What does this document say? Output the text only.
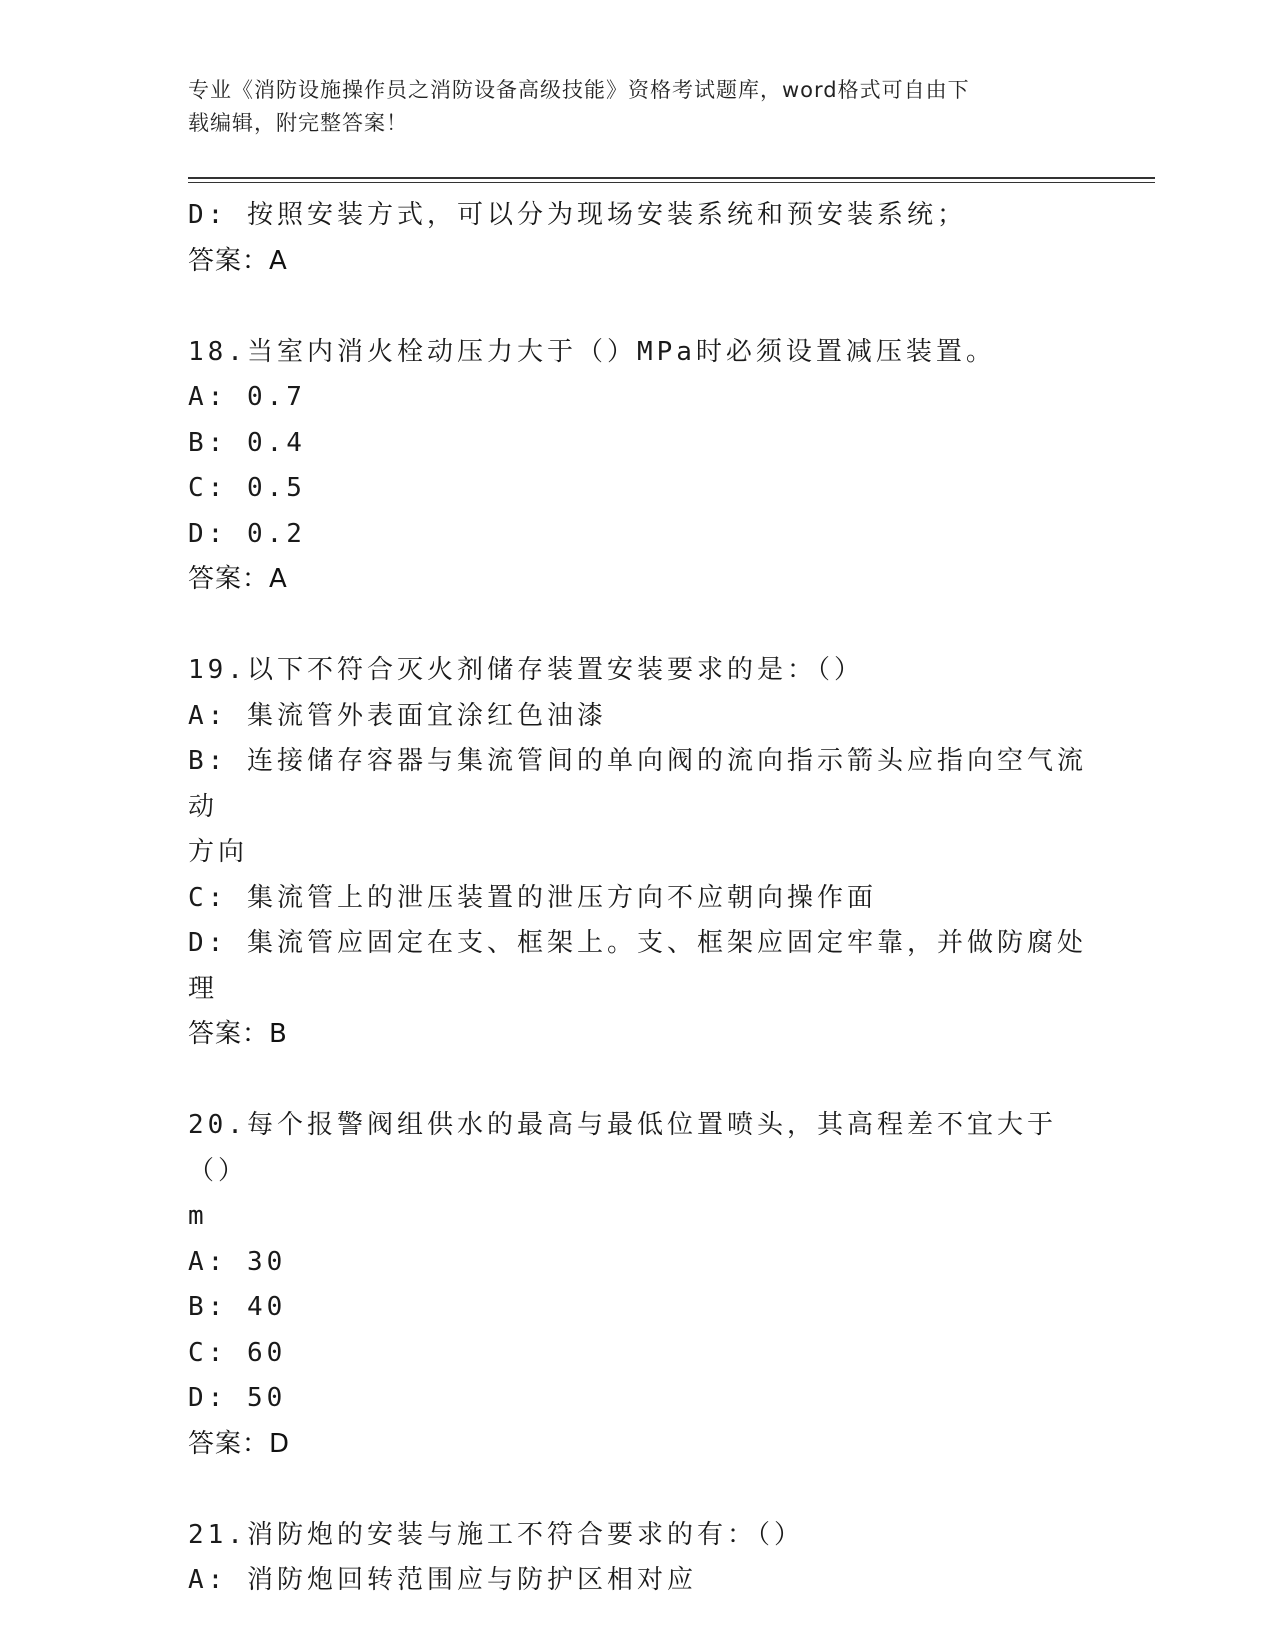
专业《消防设施操作员之消防设备高级技能》资格考试题库，word格式可自由下
载编辑，附完整答案！
D: 按照安装方式，可以分为现场安装系统和预安装系统；
答案：A
18.当室内消火栓动压力大于（）MPa时必须设置减压装置。
A: 0.7
B: 0.4
C: 0.5
D: 0.2
答案：A
19.以下不符合灭火剂储存装置安装要求的是：（）
A: 集流管外表面宜涂红色油漆
B: 连接储存容器与集流管间的单向阀的流向指示箭头应指向空气流动
方向
C: 集流管上的泄压装置的泄压方向不应朝向操作面
D: 集流管应固定在支、框架上。支、框架应固定牢靠，并做防腐处理
答案：B
20.每个报警阀组供水的最高与最低位置喷头，其高程差不宜大于（）
m
A: 30
B: 40
C: 60
D: 50
答案：D
21.消防炮的安装与施工不符合要求的有：（）
A: 消防炮回转范围应与防护区相对应
